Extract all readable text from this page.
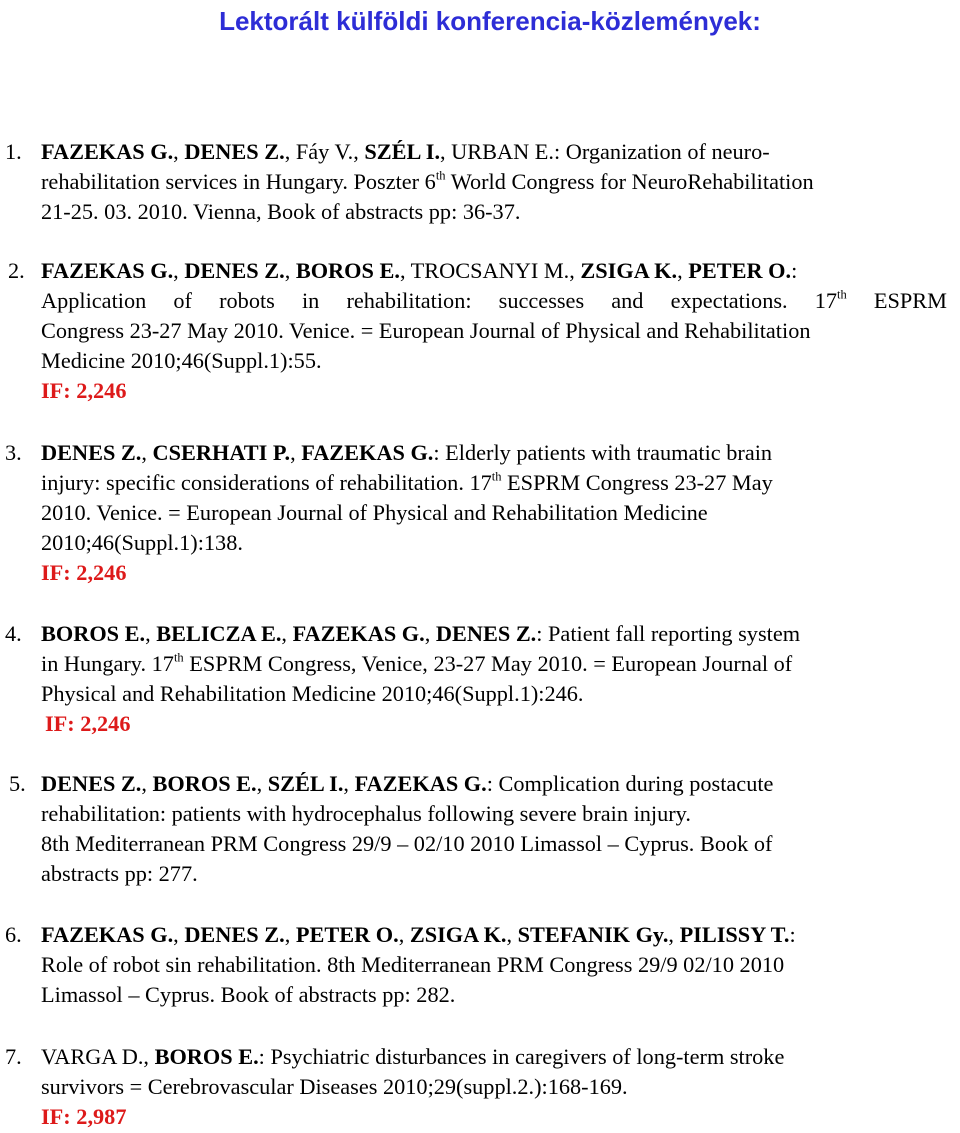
Lektorált külföldi konferencia-közlemények:
1. FAZEKAS G., DENES Z., Fáy V., SZÉL I., URBAN E.: Organization of neuro-
rehabilitation services in Hungary. Poszter 6th World Congress for NeuroRehabilitation
21-25. 03. 2010. Vienna, Book of abstracts pp: 36-37.
2. FAZEKAS G., DENES Z., BOROS E., TROCSANYI M., ZSIGA K., PETER O.:
Application of robots in rehabilitation: successes and expectations. 17th ESPRM
Congress 23-27 May 2010. Venice. = European Journal of Physical and Rehabilitation
Medicine 2010;46(Suppl.1):55.
IF: 2,246
3. DENES Z., CSERHATI P., FAZEKAS G.: Elderly patients with traumatic brain
injury: specific considerations of rehabilitation. 17th ESPRM Congress 23-27 May
2010. Venice. = European Journal of Physical and Rehabilitation Medicine
2010;46(Suppl.1):138.
IF: 2,246
4. BOROS E., BELICZA E., FAZEKAS G., DENES Z.: Patient fall reporting system
in Hungary. 17th ESPRM Congress, Venice, 23-27 May 2010. = European Journal of
Physical and Rehabilitation Medicine 2010;46(Suppl.1):246.
IF: 2,246
5. DENES Z., BOROS E., SZÉL I., FAZEKAS G.: Complication during postacute
rehabilitation: patients with hydrocephalus following severe brain injury.
8th Mediterranean PRM Congress 29/9 – 02/10 2010 Limassol – Cyprus. Book of
abstracts pp: 277.
6. FAZEKAS G., DENES Z., PETER O., ZSIGA K., STEFANIK Gy., PILISSY T.:
Role of robot sin rehabilitation. 8th Mediterranean PRM Congress 29/9 02/10 2010
Limassol – Cyprus. Book of abstracts pp: 282.
7. VARGA D., BOROS E.: Psychiatric disturbances in caregivers of long-term stroke
survivors = Cerebrovascular Diseases 2010;29(suppl.2.):168-169.
IF: 2,987
